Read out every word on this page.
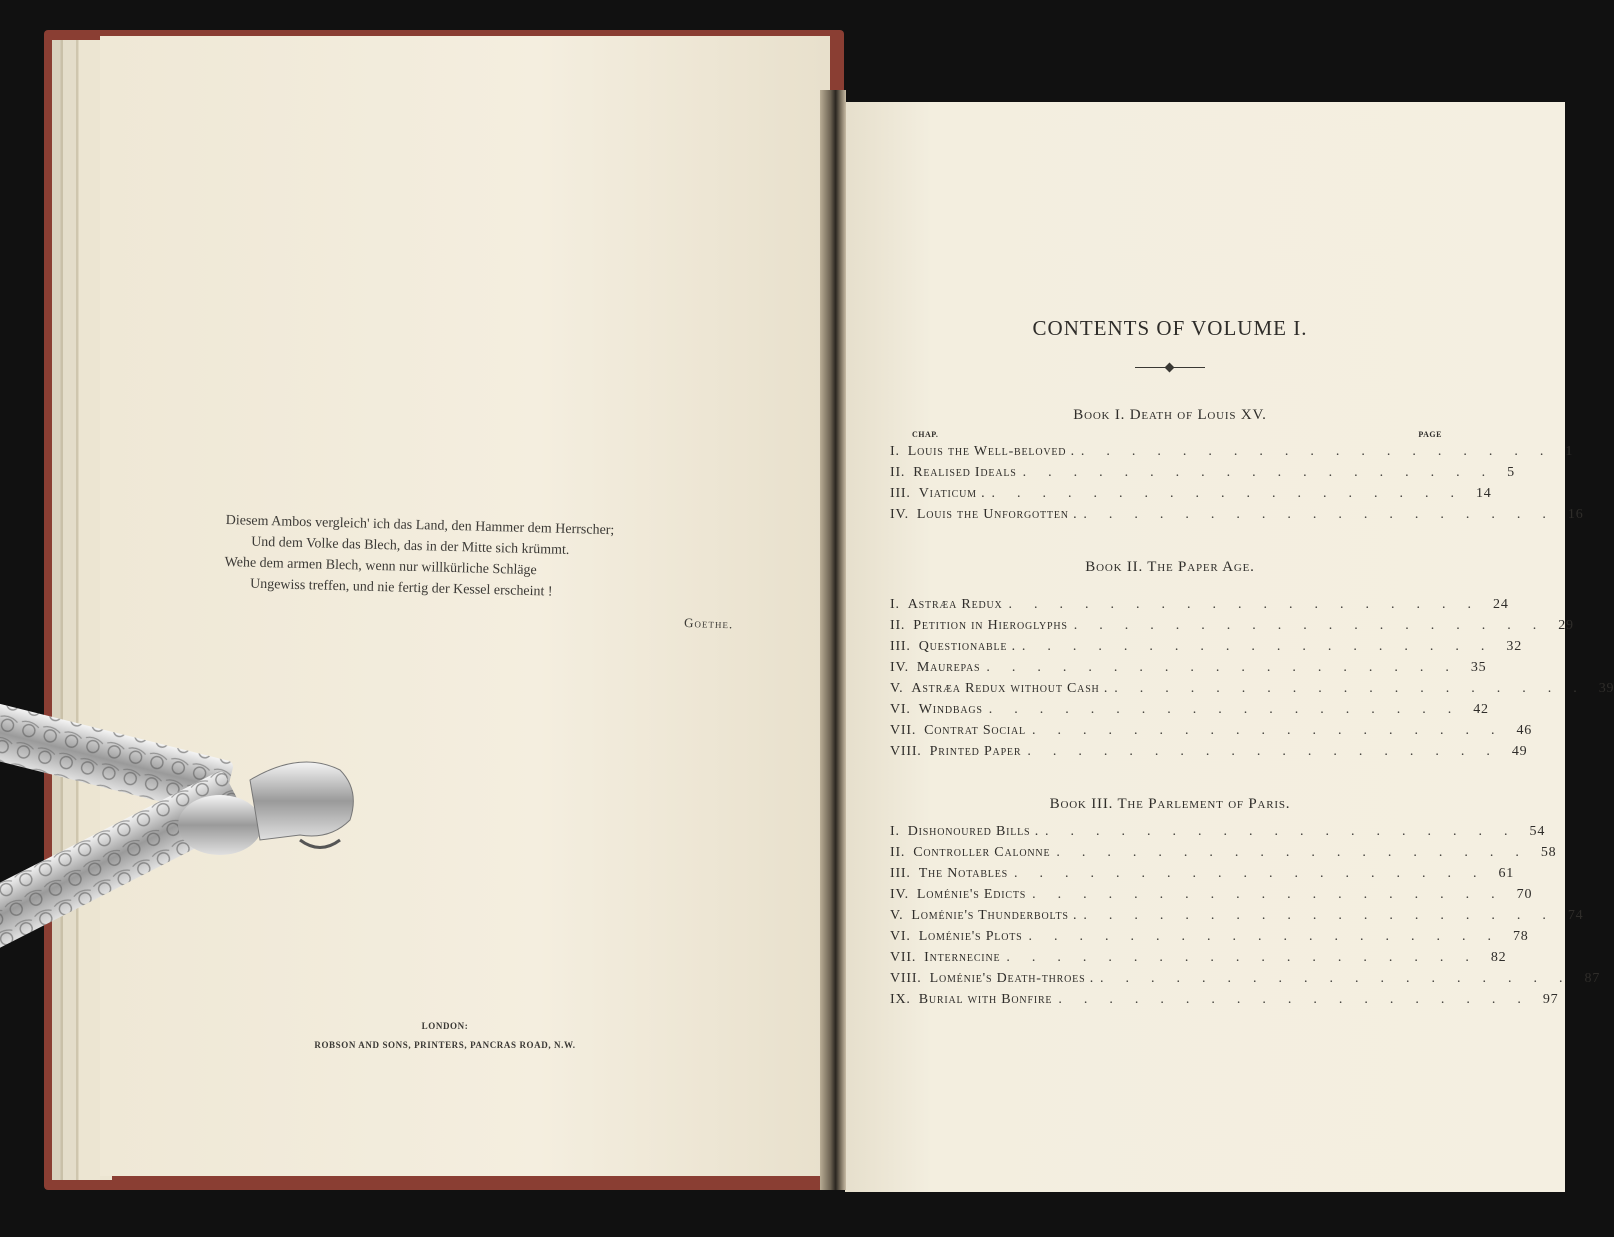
Diesem Ambos vergleich' ich das Land, den Hammer dem Herrscher;
Und dem Volke das Blech, das in der Mitte sich krümmt.
Wehe dem armen Blech, wenn nur willkürliche Schläge
Ungewiss treffen, und nie fertig der Kessel erscheint !
Goethe.
LONDON:
ROBSON AND SONS, PRINTERS, PANCRAS ROAD, N.W.
CONTENTS OF VOLUME I.
Book I. Death of Louis XV.
CHAP.	PAGE
I. Louis the Well-beloved . ................... 1
II. Realised Ideals ................... 5
III. Viaticum . ................... 14
IV. Louis the Unforgotten . ................... 16
Book II. The Paper Age.
I. Astræa Redux ................... 24
II. Petition in Hieroglyphs ................... 29
III. Questionable . ................... 32
IV. Maurepas ................... 35
V. Astræa Redux without Cash . ................... 39
VI. Windbags ................... 42
VII. Contrat Social ................... 46
VIII. Printed Paper ................... 49
Book III. The Parlement of Paris.
I. Dishonoured Bills . ................... 54
II. Controller Calonne ................... 58
III. The Notables ................... 61
IV. Loménie's Edicts ................... 70
V. Loménie's Thunderbolts . ................... 74
VI. Loménie's Plots ................... 78
VII. Internecine ................... 82
VIII. Loménie's Death-throes . ................... 87
IX. Burial with Bonfire ................... 97
